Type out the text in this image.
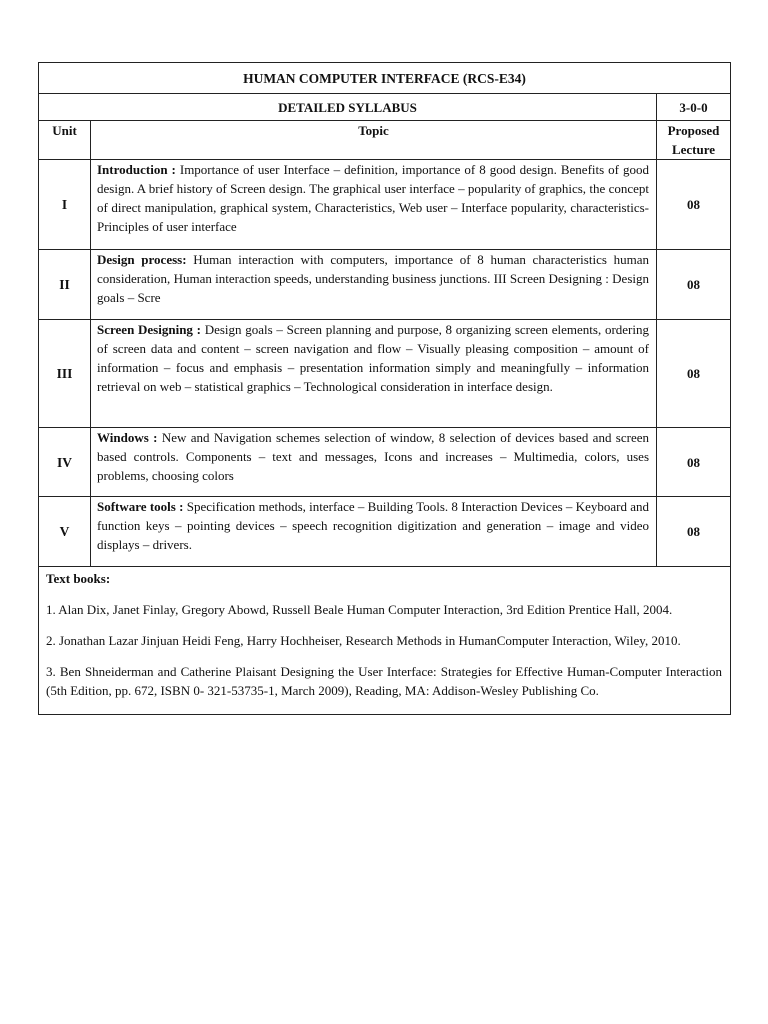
HUMAN COMPUTER INTERFACE (RCS-E34)		
DETAILED SYLLABUS		3-0-0
Unit	Topic	Proposed Lecture
I	Introduction : Importance of user Interface – definition, importance of 8 good design. Benefits of good design. A brief history of Screen design. The graphical user interface – popularity of graphics, the concept of direct manipulation, graphical system, Characteristics, Web user – Interface popularity, characteristics- Principles of user interface	08
II	Design process: Human interaction with computers, importance of 8 human characteristics human consideration, Human interaction speeds, understanding business junctions. III Screen Designing : Design goals – Scre	08
III	Screen Designing : Design goals – Screen planning and purpose, 8 organizing screen elements, ordering of screen data and content – screen navigation and flow – Visually pleasing composition – amount of information – focus and emphasis – presentation information simply and meaningfully – information retrieval on web – statistical graphics – Technological consideration in interface design.	08
IV	Windows : New and Navigation schemes selection of window, 8 selection of devices based and screen based controls. Components – text and messages, Icons and increases – Multimedia, colors, uses problems, choosing colors	08
V	Software tools : Specification methods, interface – Building Tools. 8 Interaction Devices – Keyboard and function keys – pointing devices – speech recognition digitization and generation – image and video displays – drivers.	08

Text books:
1. Alan Dix, Janet Finlay, Gregory Abowd, Russell Beale Human Computer Interaction, 3rd Edition Prentice Hall, 2004.
2. Jonathan Lazar Jinjuan Heidi Feng, Harry Hochheiser, Research Methods in HumanComputer Interaction, Wiley, 2010.
3. Ben Shneiderman and Catherine Plaisant Designing the User Interface: Strategies for Effective Human-Computer Interaction (5th Edition, pp. 672, ISBN 0- 321-53735-1, March 2009), Reading, MA: Addison-Wesley Publishing Co.		
